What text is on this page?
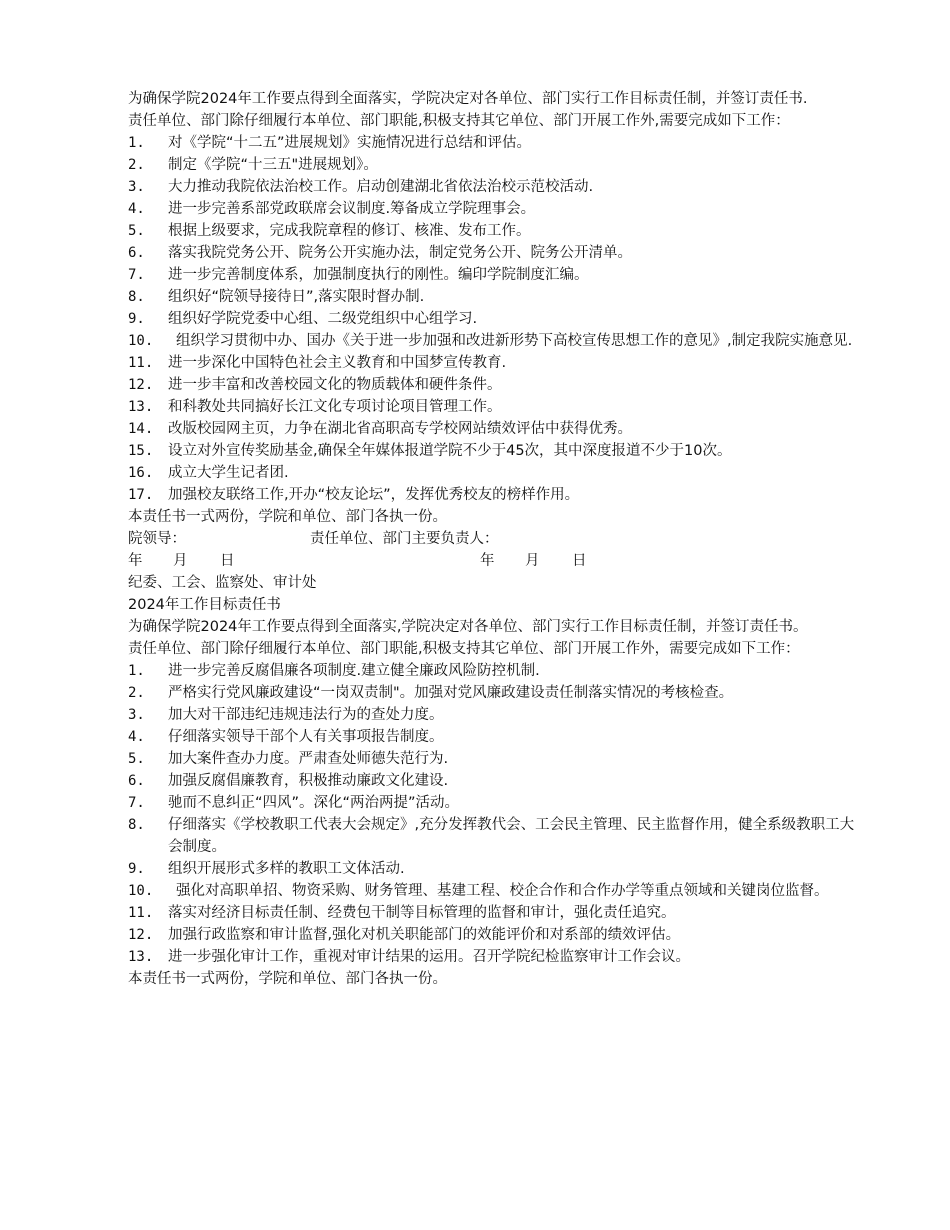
为确保学院2024年工作要点得到全面落实，学院决定对各单位、部门实行工作目标责任制，并签订责任书.

责任单位、部门除仔细履行本单位、部门职能,积极支持其它单位、部门开展工作外,需要完成如下工作：

1.	对《学院“十二五”进展规划》实施情况进行总结和评估。
2.	制定《学院“十三五"进展规划》。
3.	大力推动我院依法治校工作。启动创建湖北省依法治校示范校活动.
4.	进一步完善系部党政联席会议制度.筹备成立学院理事会。
5.	根据上级要求，完成我院章程的修订、核准、发布工作。
6.	落实我院党务公开、院务公开实施办法，制定党务公开、院务公开清单。
7.	进一步完善制度体系，加强制度执行的刚性。编印学院制度汇编。
8.	组织好“院领导接待日”,落实限时督办制.
9.	组织好学院党委中心组、二级党组织中心组学习.
10.	组织学习贯彻中办、国办《关于进一步加强和改进新形势下高校宣传思想工作的意见》,制定我院实施意见.
11.	进一步深化中国特色社会主义教育和中国梦宣传教育.
12.	进一步丰富和改善校园文化的物质载体和硬件条件。
13.	和科教处共同搞好长江文化专项讨论项目管理工作。
14.	改版校园网主页，力争在湖北省高职高专学校网站绩效评估中获得优秀。
15.	设立对外宣传奖励基金,确保全年媒体报道学院不少于45次，其中深度报道不少于10次。
16.	成立大学生记者团.
17.	加强校友联络工作,开办“校友论坛”，发挥优秀校友的榜样作用。

本责任书一式两份，学院和单位、部门各执一份。

院领导：	责任单位、部门主要负责人：
年 月 日	年 月 日

纪委、工会、监察处、审计处

2024年工作目标责任书

为确保学院2024年工作要点得到全面落实,学院决定对各单位、部门实行工作目标责任制，并签订责任书。

责任单位、部门除仔细履行本单位、部门职能,积极支持其它单位、部门开展工作外，需要完成如下工作：

1.	进一步完善反腐倡廉各项制度.建立健全廉政风险防控机制.
2.	严格实行党风廉政建设“一岗双责制"。加强对党风廉政建设责任制落实情况的考核检查。
3.	加大对干部违纪违规违法行为的查处力度。
4.	仔细落实领导干部个人有关事项报告制度。
5.	加大案件查办力度。严肃查处师德失范行为.
6.	加强反腐倡廉教育，积极推动廉政文化建设.
7.	驰而不息纠正“四风”。深化“两治两提”活动。
8.	仔细落实《学校教职工代表大会规定》,充分发挥教代会、工会民主管理、民主监督作用，健全系级教职工大会制度。
9.	组织开展形式多样的教职工文体活动.
10.	强化对高职单招、物资采购、财务管理、基建工程、校企合作和合作办学等重点领域和关键岗位监督。
11.	落实对经济目标责任制、经费包干制等目标管理的监督和审计，强化责任追究。
12.	加强行政监察和审计监督,强化对机关职能部门的效能评价和对系部的绩效评估。
13.	进一步强化审计工作，重视对审计结果的运用。召开学院纪检监察审计工作会议。

本责任书一式两份，学院和单位、部门各执一份。
